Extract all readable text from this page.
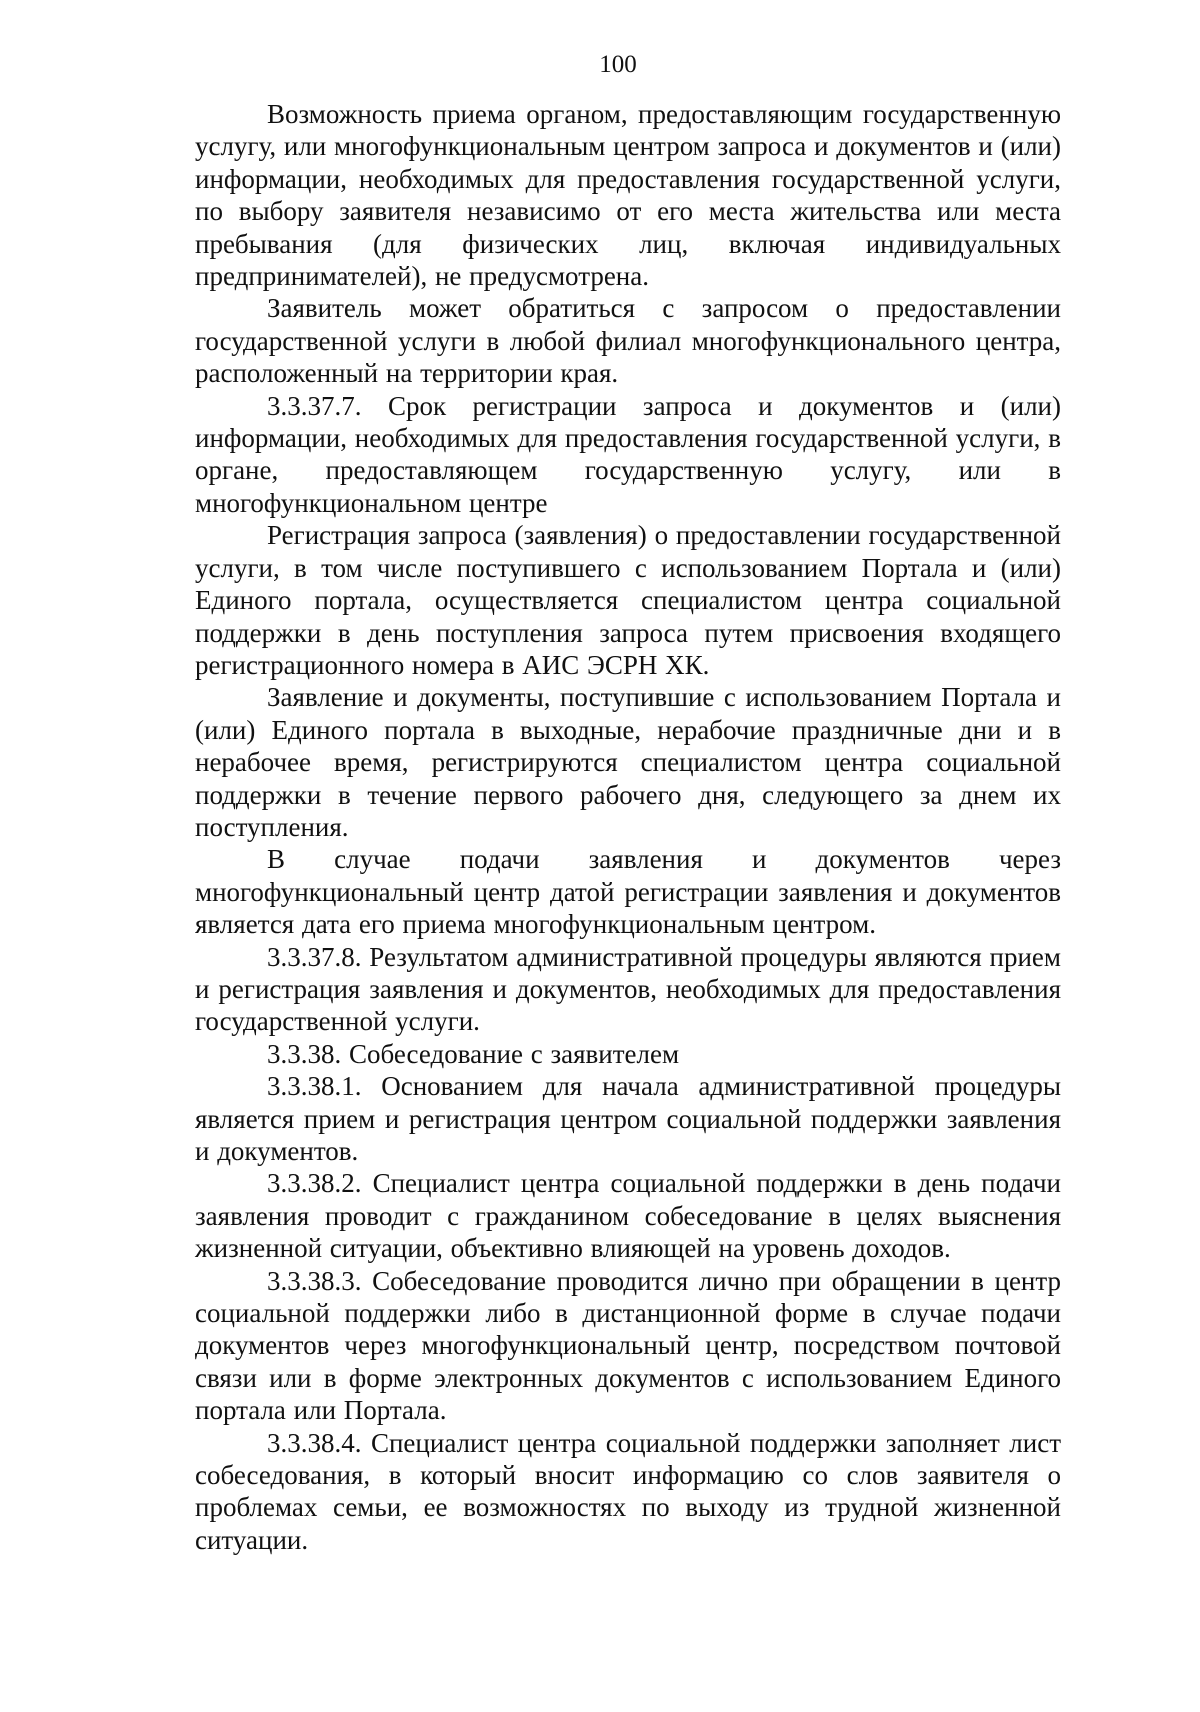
100

Возможность приема органом, предоставляющим государственную услугу, или многофункциональным центром запроса и документов и (или) информации, необходимых для предоставления государственной услуги, по выбору заявителя независимо от его места жительства или места пребывания (для физических лиц, включая индивидуальных предпринимателей), не предусмотрена.

Заявитель может обратиться с запросом о предоставлении государственной услуги в любой филиал многофункционального центра, расположенный на территории края.

3.3.37.7. Срок регистрации запроса и документов и (или) информации, необходимых для предоставления государственной услуги, в органе, предоставляющем государственную услугу, или в многофункциональном центре

Регистрация запроса (заявления) о предоставлении государственной услуги, в том числе поступившего с использованием Портала и (или) Единого портала, осуществляется специалистом центра социальной поддержки в день поступления запроса путем присвоения входящего регистрационного номера в АИС ЭСРН ХК.

Заявление и документы, поступившие с использованием Портала и (или) Единого портала в выходные, нерабочие праздничные дни и в нерабочее время, регистрируются специалистом центра социальной поддержки в течение первого рабочего дня, следующего за днем их поступления.

В случае подачи заявления и документов через многофункциональный центр датой регистрации заявления и документов является дата его приема многофункциональным центром.

3.3.37.8. Результатом административной процедуры являются прием и регистрация заявления и документов, необходимых для предоставления государственной услуги.

3.3.38. Собеседование с заявителем

3.3.38.1. Основанием для начала административной процедуры является прием и регистрация центром социальной поддержки заявления и документов.

3.3.38.2. Специалист центра социальной поддержки в день подачи заявления проводит с гражданином собеседование в целях выяснения жизненной ситуации, объективно влияющей на уровень доходов.

3.3.38.3. Собеседование проводится лично при обращении в центр социальной поддержки либо в дистанционной форме в случае подачи документов через многофункциональный центр, посредством почтовой связи или в форме электронных документов с использованием Единого портала или Портала.

3.3.38.4. Специалист центра социальной поддержки заполняет лист собеседования, в который вносит информацию со слов заявителя о проблемах семьи, ее возможностях по выходу из трудной жизненной ситуации.
